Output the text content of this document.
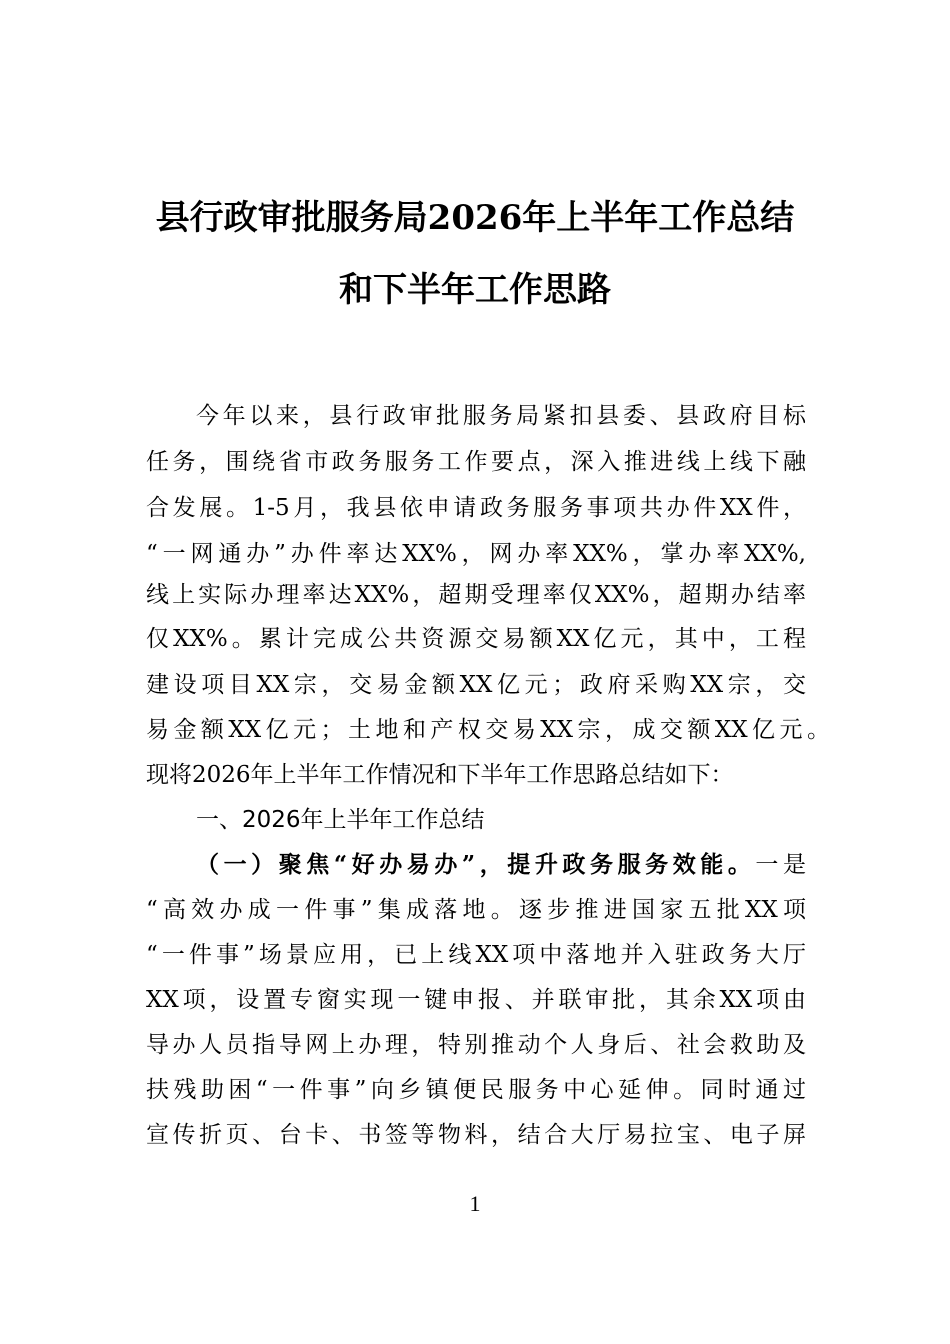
县行政审批服务局2026年上半年工作总结
和下半年工作思路
今年以来，县行政审批服务局紧扣县委、县政府目标
任务，围绕省市政务服务工作要点，深入推进线上线下融
合发展。1-5月，我县依申请政务服务事项共办件XX件，
“一网通办”办件率达XX%，网办率XX%，掌办率XX%,
线上实际办理率达XX%，超期受理率仅XX%，超期办结率
仅XX%。累计完成公共资源交易额XX亿元，其中，工程
建设项目XX宗，交易金额XX亿元；政府采购XX宗，交
易金额XX亿元；土地和产权交易XX宗，成交额XX亿元。
现将2026年上半年工作情况和下半年工作思路总结如下：
一、2026年上半年工作总结
（一）聚焦“好办易办”，提升政务服务效能。一是
“高效办成一件事”集成落地。逐步推进国家五批XX项
“一件事”场景应用，已上线XX项中落地并入驻政务大厅
XX项，设置专窗实现一键申报、并联审批，其余XX项由
导办人员指导网上办理，特别推动个人身后、社会救助及
扶残助困“一件事”向乡镇便民服务中心延伸。同时通过
宣传折页、台卡、书签等物料，结合大厅易拉宝、电子屏
1
